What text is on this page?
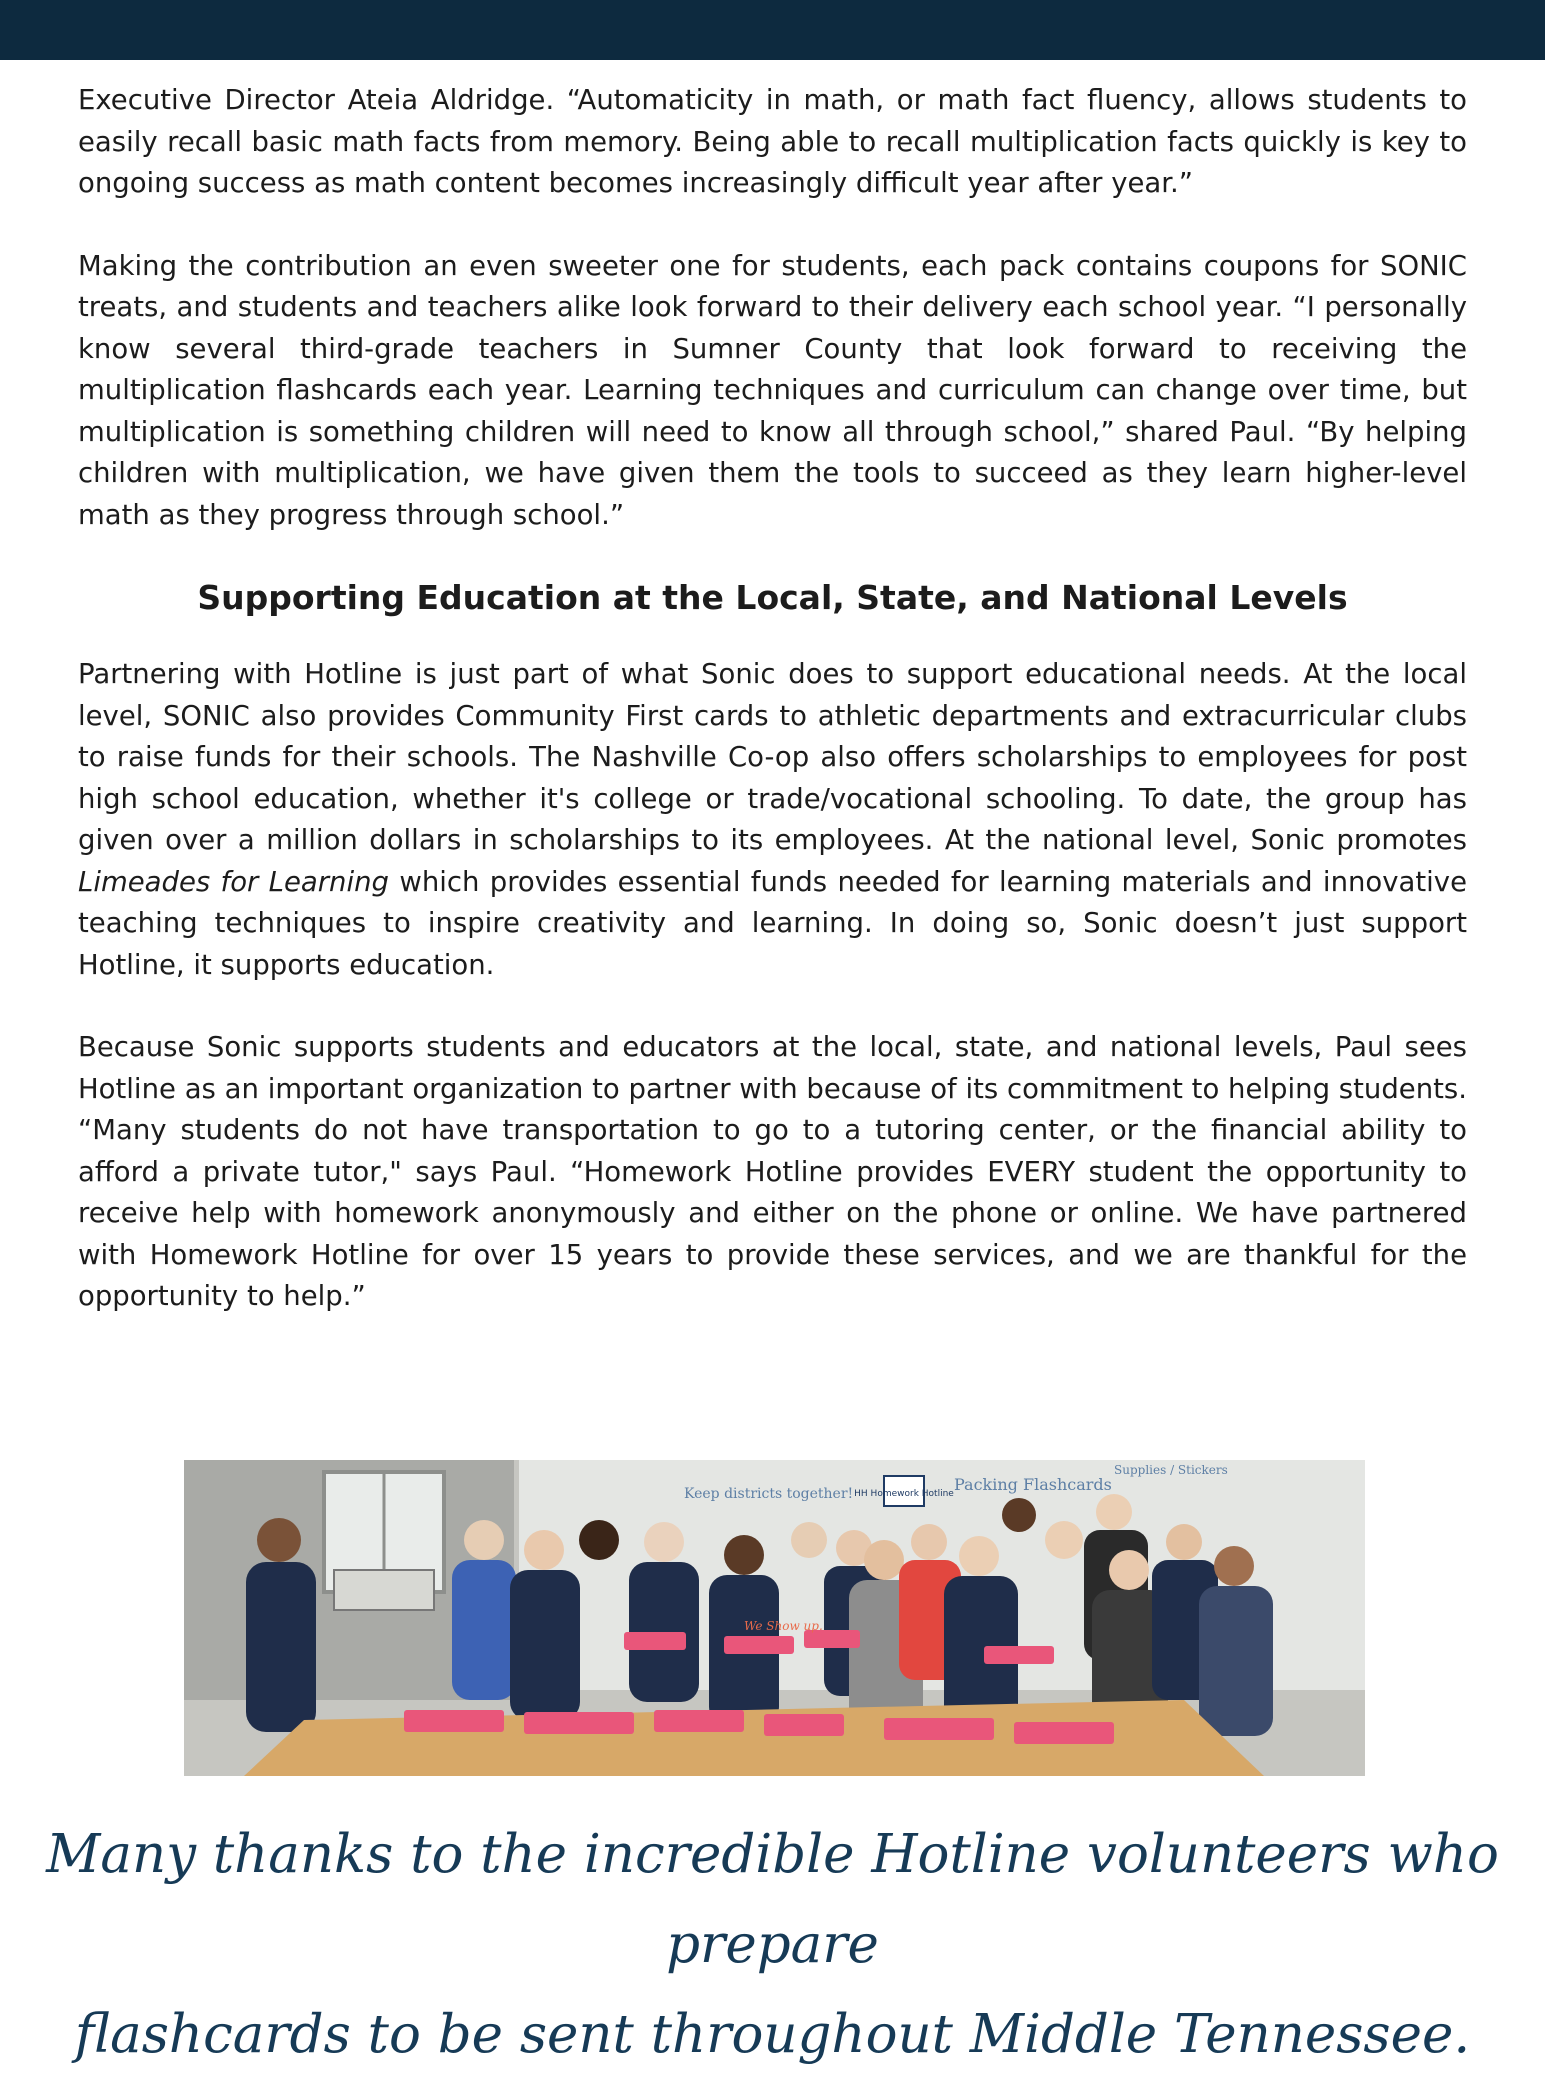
Executive Director Ateia Aldridge. “Automaticity in math, or math fact fluency, allows students to easily recall basic math facts from memory. Being able to recall multiplication facts quickly is key to ongoing success as math content becomes increasingly difficult year after year.”

Making the contribution an even sweeter one for students, each pack contains coupons for SONIC treats, and students and teachers alike look forward to their delivery each school year. “I personally know several third-grade teachers in Sumner County that look forward to receiving the multiplication flashcards each year. Learning techniques and curriculum can change over time, but multiplication is something children will need to know all through school,” shared Paul. “By helping children with multiplication, we have given them the tools to succeed as they learn higher-level math as they progress through school.”

Supporting Education at the Local, State, and National Levels

Partnering with Hotline is just part of what Sonic does to support educational needs. At the local level, SONIC also provides Community First cards to athletic departments and extracurricular clubs to raise funds for their schools. The Nashville Co-op also offers scholarships to employees for post high school education, whether it's college or trade/vocational schooling. To date, the group has given over a million dollars in scholarships to its employees. At the national level, Sonic promotes Limeades for Learning which provides essential funds needed for learning materials and innovative teaching techniques to inspire creativity and learning. In doing so, Sonic doesn’t just support Hotline, it supports education.

Because Sonic supports students and educators at the local, state, and national levels, Paul sees Hotline as an important organization to partner with because of its commitment to helping students. “Many students do not have transportation to go to a tutoring center, or the financial ability to afford a private tutor," says Paul. “Homework Hotline provides EVERY student the opportunity to receive help with homework anonymously and either on the phone or online. We have partnered with Homework Hotline for over 15 years to provide these services, and we are thankful for the opportunity to help.”

Keep districts together!	Packing Flashcards
Supplies / Stickers
HH Homework Hotline
We Show up.
Many thanks to the incredible Hotline volunteers who prepare
flashcards to be sent throughout Middle Tennessee.
